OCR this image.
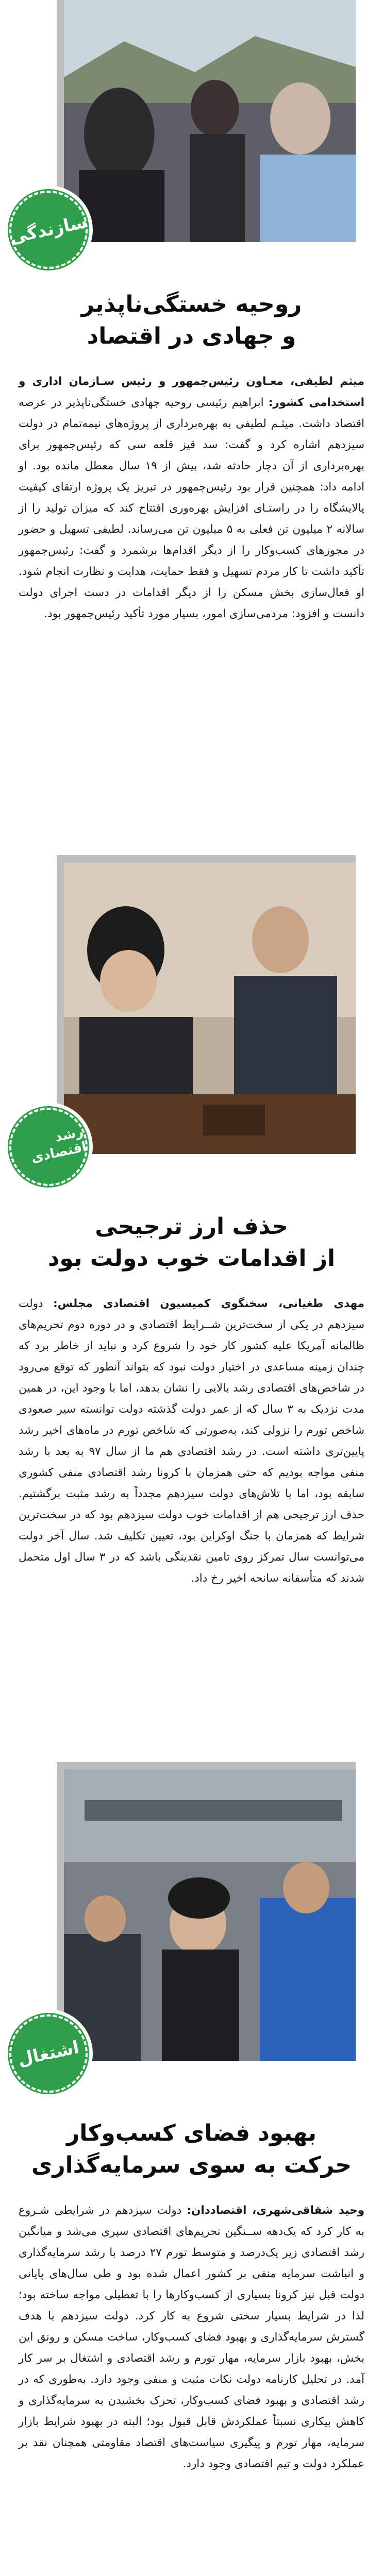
سازندگی
روحیه خستگی‌ناپذیر
و جهادی در اقتصاد

میثم لطیفی، معـاون رئیس‌جمهور و رئیس سـازمان اداری و استخدامی کشور: ابراهیم رئیسی روحیه جهادی خستگی‌ناپذیر در عرصه اقتصاد داشت. میثـم لطیفی به بهره‌برداری از پروژه‌های نیمه‌تمام در دولت سیزدهم اشاره کرد و گفت: سد قیز قلعه سی که رئیس‌جمهور برای بهره‌برداری از آن دچار حادثه شد، بیش از ۱۹ سال معطل مانده بود. او ادامه داد: همچنین قرار بود رئیس‌جمهور در تبریز یک پروژه ارتقای کیفیت پالایشگاه را در راستـای افزایش بهره‌وری افتتاح کند که میزان تولید را از سالانه ۲ میلیون تن فعلی به ۵ میلیون تن می‌رساند. لطیفی تسهیل و حضور در مجوزهای کسب‌وکار را از دیگر اقدام‌ها برشمرد و گفت: رئیس‌جمهور تأکید داشت تا کار مردم تسهیل و فقط حمایت، هدایت و نظارت انجام شود. او فعال‌سازی بخش مسکن را از دیگر اقدامات در دست اجرای دولت دانست و افزود: مردمی‌سازی امور، بسیار مورد تأکید رئیس‌جمهور بود.

رشد اقتصادی
حذف ارز ترجیحی
از اقدامات خوب دولت بود

مهدی طغیانی، سخنگوی کمیسیون اقتصادی مجلس: دولت سیزدهم در یکی از سخت‌ترین شــرایط اقتصادی و در دوره دوم تحریم‌های ظالمانه آمریکا علیه کشور کار خود را شروع کرد و نباید از خاطر برد که چندان زمینه مساعدی در اختیار دولت نبود که بتواند آنطور که توقع می‌رود در شاخص‌های اقتصادی رشد بالایی را نشان بدهد، اما با وجود این، در همین مدت نزدیک به ۳ سال که از عمر دولت گذشته دولت توانسته سیر صعودی شاخص تورم را نزولی کند، به‌صورتی که شاخص تورم در ماه‌های اخیر رشد پایین‌تری داشته است. در رشد اقتصادی هم ما از سال ۹۷ به بعد با رشد منفی مواجه بودیم که حتی همزمان با کرونا رشد اقتصادی منفی کشوری سابقه بود، اما با تلاش‌های دولت سیزدهم مجدداً به رشد مثبت برگشتیم. حذف ارز ترجیحی هم از اقدامات خوب دولت سیزدهم بود که در سخت‌ترین شرایط که همزمان با جنگ اوکراین بود، تعیین تکلیف شد. سال آخر دولت می‌توانست سال تمرکز روی تامین نقدینگی باشد که در ۳ سال اول متحمل شدند که متأسفانه سانحه اخیر رخ داد.

اشتغال
بهبود فضای کسب‌وکار
حرکت به سوی سرمایه‌گذاری

وحید شقاقی‌شهری، اقتصاددان: دولت سیزدهم در شرایطی شـروع به کار کرد که یک‌دهه ســنگین تحریم‌های اقتصادی سپری می‌شد و میانگین رشد اقتصادی زیر یک‌درصد و متوسط تورم ۲۷ درصد با رشد سرمایه‌گذاری و انباشت سرمایه منفی بر کشور اعمال شده بود و طی سال‌های پایانی دولت قبل نیز کرونا بسیاری از کسب‌وکارها را با تعطیلی مواجه ساخته بود؛ لذا در شرایط بسیار سختی شروع به کار کرد. دولت سیزدهم با هدف گسترش سرمایه‌گذاری و بهبود فضای کسب‌وکار، ساخت مسکن و رونق این بخش، بهبود بازار سرمایه، مهار تورم و رشد اقتصادی و اشتغال بر سر کار آمد. در تحلیل کارنامه دولت نکات مثبت و منفی وجود دارد. به‌طوری که در رشد اقتصادی و بهبود فضای کسب‌وکار، تحرک بخشیدن به سرمایه‌گذاری و کاهش بیکاری نسبتاً عملکردش قابل قبول بود؛ البته در بهبود شرایط بازار سرمایه، مهار تورم و پیگیری سیاست‌های اقتصاد مقاومتی همچنان نقد بر عملکرد دولت و تیم اقتصادی وجود دارد.
